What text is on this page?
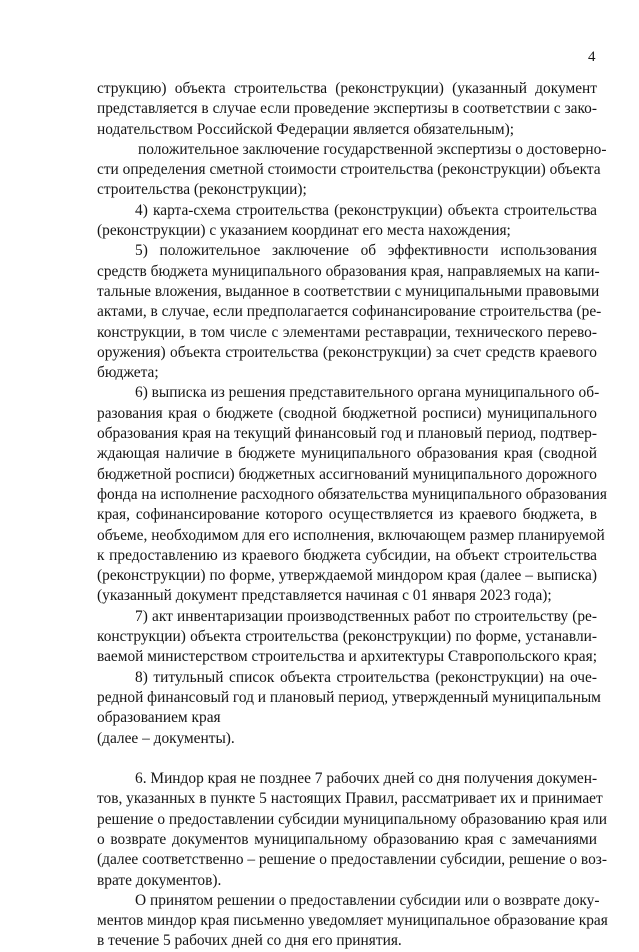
4
струкцию) объекта строительства (реконструкции) (указанный документ
представляется в случае если проведение экспертизы в соответствии с зако-
нодательством Российской Федерации является обязательным);
положительное заключение государственной экспертизы о достоверно-
сти определения сметной стоимости строительства (реконструкции) объекта
строительства (реконструкции);
4) карта-схема строительства (реконструкции) объекта строительства
(реконструкции) с указанием координат его места нахождения;
5) положительное заключение об эффективности использования
средств бюджета муниципального образования края, направляемых на капи-
тальные вложения, выданное в соответствии с муниципальными правовыми
актами, в случае, если предполагается софинансирование строительства (ре-
конструкции, в том числе с элементами реставрации, технического перево-
оружения) объекта строительства (реконструкции) за счет средств краевого
бюджета;
6) выписка из решения представительного органа муниципального об-
разования края о бюджете (сводной бюджетной росписи) муниципального
образования края на текущий финансовый год и плановый период, подтвер-
ждающая наличие в бюджете муниципального образования края (сводной
бюджетной росписи) бюджетных ассигнований муниципального дорожного
фонда на исполнение расходного обязательства муниципального образования
края, софинансирование которого осуществляется из краевого бюджета, в
объеме, необходимом для его исполнения, включающем размер планируемой
к предоставлению из краевого бюджета субсидии, на объект строительства
(реконструкции) по форме, утверждаемой миндором края (далее – выписка)
(указанный документ представляется начиная с 01 января 2023 года);
7) акт инвентаризации производственных работ по строительству (ре-
конструкции) объекта строительства (реконструкции) по форме, устанавли-
ваемой министерством строительства и архитектуры Ставропольского края;
8) титульный список объекта строительства (реконструкции) на оче-
редной финансовый год и плановый период, утвержденный муниципальным
образованием края
(далее – документы).
6. Миндор края не позднее 7 рабочих дней со дня получения докумен-
тов, указанных в пункте 5 настоящих Правил, рассматривает их и принимает
решение о предоставлении субсидии муниципальному образованию края или
о возврате документов муниципальному образованию края с замечаниями
(далее соответственно – решение о предоставлении субсидии, решение о воз-
врате документов).
О принятом решении о предоставлении субсидии или о возврате доку-
ментов миндор края письменно уведомляет муниципальное образование края
в течение 5 рабочих дней со дня его принятия.
